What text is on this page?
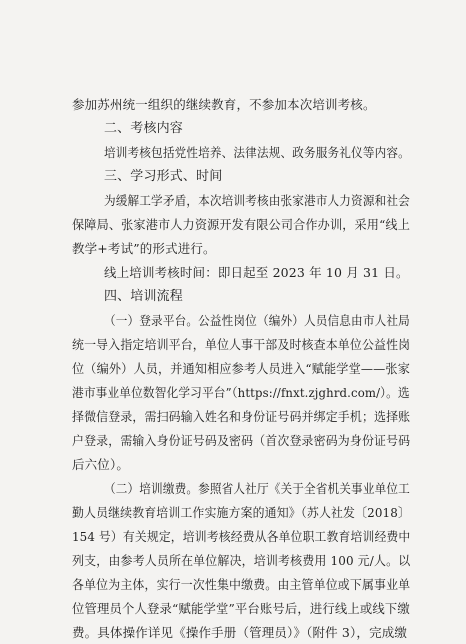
参加苏州统一组织的继续教育，不参加本次培训考核。
二、考核内容
培训考核包括党性培养、法律法规、政务服务礼仪等内容。
三、学习形式、时间
为缓解工学矛盾，本次培训考核由张家港市人力资源和社会
保障局、张家港市人力资源开发有限公司合作办训，采用“线上
教学+考试”的形式进行。
线上培训考核时间：即日起至 2023 年 10 月 31 日。
四、培训流程
（一）登录平台。公益性岗位（编外）人员信息由市人社局
统一导入指定培训平台，单位人事干部及时核查本单位公益性岗
位（编外）人员，并通知相应参考人员进入“赋能学堂——张家
港市事业单位数智化学习平台”（https://fnxt.zjghrd.com/）。选
择微信登录，需扫码输入姓名和身份证号码并绑定手机；选择账
户登录，需输入身份证号码及密码（首次登录密码为身份证号码
后六位）。
（二）培训缴费。参照省人社厅《关于全省机关事业单位工
勤人员继续教育培训工作实施方案的通知》（苏人社发〔2018〕
154 号）有关规定，培训考核经费从各单位职工教育培训经费中
列支，由参考人员所在单位解决，培训考核费用 100 元/人。以
各单位为主体，实行一次性集中缴费。由主管单位或下属事业单
位管理员个人登录“赋能学堂”平台账号后，进行线上或线下缴
费。具体操作详见《操作手册（管理员）》（附件 3），完成缴
